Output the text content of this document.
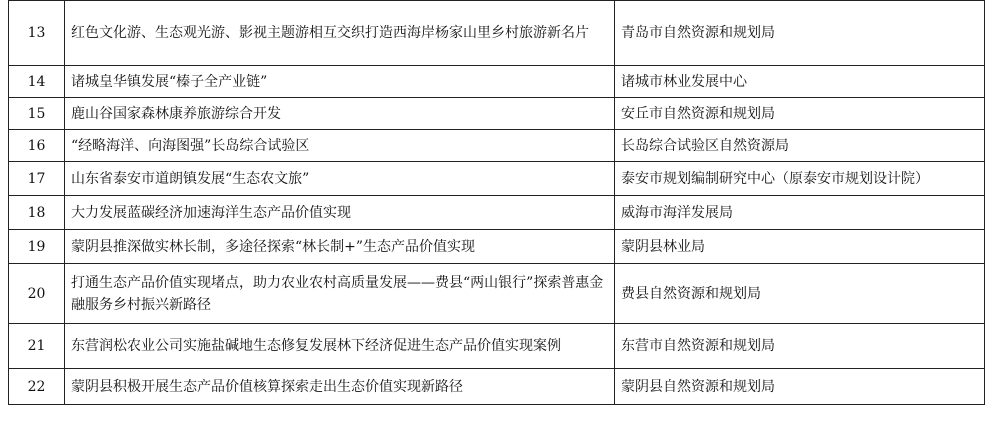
13	红色文化游、生态观光游、影视主题游相互交织打造西海岸杨家山里乡村旅游新名片	青岛市自然资源和规划局
14	诸城皇华镇发展“榛子全产业链”	诸城市林业发展中心
15	鹿山谷国家森林康养旅游综合开发	安丘市自然资源和规划局
16	“经略海洋、向海图强”长岛综合试验区	长岛综合试验区自然资源局
17	山东省泰安市道朗镇发展“生态农文旅”	泰安市规划编制研究中心（原泰安市规划设计院）
18	大力发展蓝碳经济加速海洋生态产品价值实现	威海市海洋发展局
19	蒙阴县推深做实林长制，多途径探索“林长制+”生态产品价值实现	蒙阴县林业局
20	打通生态产品价值实现堵点，助力农业农村高质量发展——费县“两山银行”探索普惠金融服务乡村振兴新路径	费县自然资源和规划局
21	东营润松农业公司实施盐碱地生态修复发展林下经济促进生态产品价值实现案例	东营市自然资源和规划局
22	蒙阴县积极开展生态产品价值核算探索走出生态价值实现新路径	蒙阴县自然资源和规划局
